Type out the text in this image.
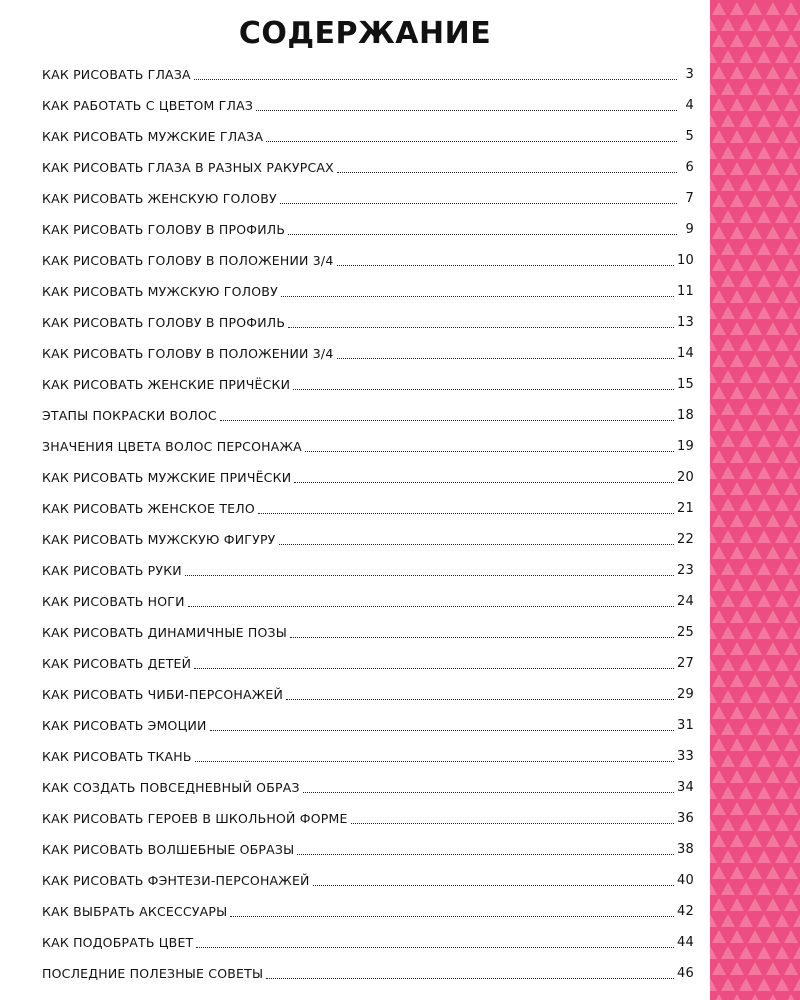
СОДЕРЖАНИЕ
КАК РИСОВАТЬ ГЛАЗА	3
КАК РАБОТАТЬ С ЦВЕТОМ ГЛАЗ	4
КАК РИСОВАТЬ МУЖСКИЕ ГЛАЗА	5
КАК РИСОВАТЬ ГЛАЗА В РАЗНЫХ РАКУРСАХ	6
КАК РИСОВАТЬ ЖЕНСКУЮ ГОЛОВУ	7
КАК РИСОВАТЬ ГОЛОВУ В ПРОФИЛЬ	9
КАК РИСОВАТЬ ГОЛОВУ В ПОЛОЖЕНИИ 3/4	10
КАК РИСОВАТЬ МУЖСКУЮ ГОЛОВУ	11
КАК РИСОВАТЬ ГОЛОВУ В ПРОФИЛЬ	13
КАК РИСОВАТЬ ГОЛОВУ В ПОЛОЖЕНИИ 3/4	14
КАК РИСОВАТЬ ЖЕНСКИЕ ПРИЧЁСКИ	15
ЭТАПЫ ПОКРАСКИ ВОЛОС	18
ЗНАЧЕНИЯ ЦВЕТА ВОЛОС ПЕРСОНАЖА	19
КАК РИСОВАТЬ МУЖСКИЕ ПРИЧЁСКИ	20
КАК РИСОВАТЬ ЖЕНСКОЕ ТЕЛО	21
КАК РИСОВАТЬ МУЖСКУЮ ФИГУРУ	22
КАК РИСОВАТЬ РУКИ	23
КАК РИСОВАТЬ НОГИ	24
КАК РИСОВАТЬ ДИНАМИЧНЫЕ ПОЗЫ	25
КАК РИСОВАТЬ ДЕТЕЙ	27
КАК РИСОВАТЬ ЧИБИ-ПЕРСОНАЖЕЙ	29
КАК РИСОВАТЬ ЭМОЦИИ	31
КАК РИСОВАТЬ ТКАНЬ	33
КАК СОЗДАТЬ ПОВСЕДНЕВНЫЙ ОБРАЗ	34
КАК РИСОВАТЬ ГЕРОЕВ В ШКОЛЬНОЙ ФОРМЕ	36
КАК РИСОВАТЬ ВОЛШЕБНЫЕ ОБРАЗЫ	38
КАК РИСОВАТЬ ФЭНТЕЗИ-ПЕРСОНАЖЕЙ	40
КАК ВЫБРАТЬ АКСЕССУАРЫ	42
КАК ПОДОБРАТЬ ЦВЕТ	44
ПОСЛЕДНИЕ ПОЛЕЗНЫЕ СОВЕТЫ	46
